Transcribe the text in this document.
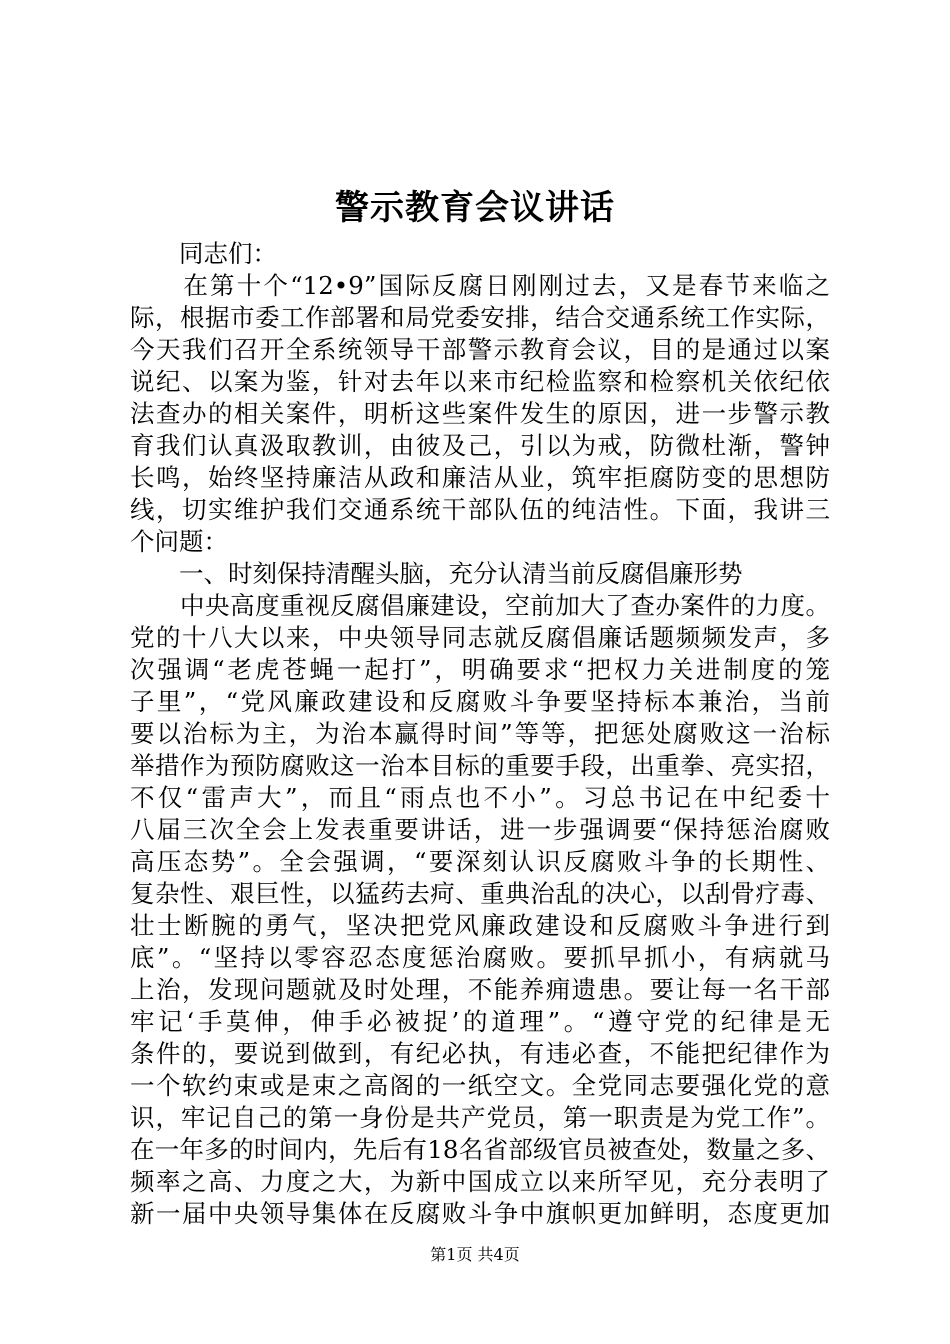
警示教育会议讲话
　　同志们：
　　在第十个“12•9”国际反腐日刚刚过去，又是春节来临之
际，根据市委工作部署和局党委安排，结合交通系统工作实际，
今天我们召开全系统领导干部警示教育会议，目的是通过以案
说纪、以案为鉴，针对去年以来市纪检监察和检察机关依纪依
法查办的相关案件，明析这些案件发生的原因，进一步警示教
育我们认真汲取教训，由彼及己，引以为戒，防微杜渐，警钟
长鸣，始终坚持廉洁从政和廉洁从业，筑牢拒腐防变的思想防
线，切实维护我们交通系统干部队伍的纯洁性。下面，我讲三
个问题：
　　一、时刻保持清醒头脑，充分认清当前反腐倡廉形势
　　中央高度重视反腐倡廉建设，空前加大了查办案件的力度。
党的十八大以来，中央领导同志就反腐倡廉话题频频发声，多
次强调“老虎苍蝇一起打”，明确要求“把权力关进制度的笼
子里”，“党风廉政建设和反腐败斗争要坚持标本兼治，当前
要以治标为主，为治本赢得时间”等等，把惩处腐败这一治标
举措作为预防腐败这一治本目标的重要手段，出重拳、亮实招，
不仅“雷声大”，而且“雨点也不小”。习总书记在中纪委十
八届三次全会上发表重要讲话，进一步强调要“保持惩治腐败
高压态势”。全会强调，“要深刻认识反腐败斗争的长期性、
复杂性、艰巨性，以猛药去疴、重典治乱的决心，以刮骨疗毒、
壮士断腕的勇气，坚决把党风廉政建设和反腐败斗争进行到
底”。“坚持以零容忍态度惩治腐败。要抓早抓小，有病就马
上治，发现问题就及时处理，不能养痈遗患。要让每一名干部
牢记‘手莫伸，伸手必被捉’的道理”。“遵守党的纪律是无
条件的，要说到做到，有纪必执，有违必查，不能把纪律作为
一个软约束或是束之高阁的一纸空文。全党同志要强化党的意
识，牢记自己的第一身份是共产党员，第一职责是为党工作”。
在一年多的时间内，先后有18名省部级官员被查处，数量之多、
频率之高、力度之大，为新中国成立以来所罕见，充分表明了
新一届中央领导集体在反腐败斗争中旗帜更加鲜明，态度更加
第1页 共4页
